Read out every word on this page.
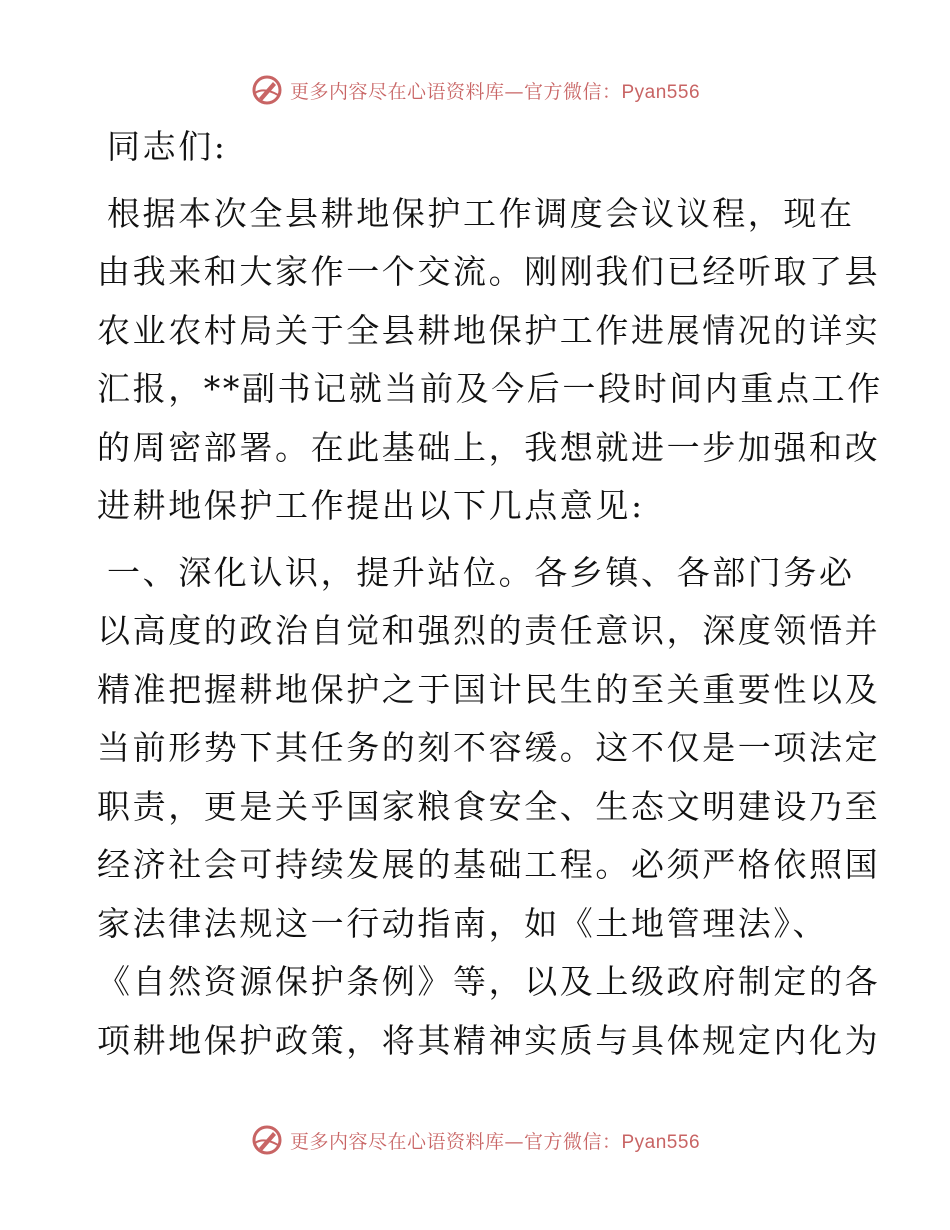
更多内容尽在心语资料库—官方微信：Pyan556
同志们:
根据本次全县耕地保护工作调度会议议程，现在
由我来和大家作一个交流。刚刚我们已经听取了县
农业农村局关于全县耕地保护工作进展情况的详实
汇报，**副书记就当前及今后一段时间内重点工作
的周密部署。在此基础上，我想就进一步加强和改
进耕地保护工作提出以下几点意见:
一、深化认识，提升站位。各乡镇、各部门务必
以高度的政治自觉和强烈的责任意识，深度领悟并
精准把握耕地保护之于国计民生的至关重要性以及
当前形势下其任务的刻不容缓。这不仅是一项法定
职责，更是关乎国家粮食安全、生态文明建设乃至
经济社会可持续发展的基础工程。必须严格依照国
家法律法规这一行动指南，如《土地管理法》、
《自然资源保护条例》等，以及上级政府制定的各
项耕地保护政策，将其精神实质与具体规定内化为
更多内容尽在心语资料库—官方微信：Pyan556
